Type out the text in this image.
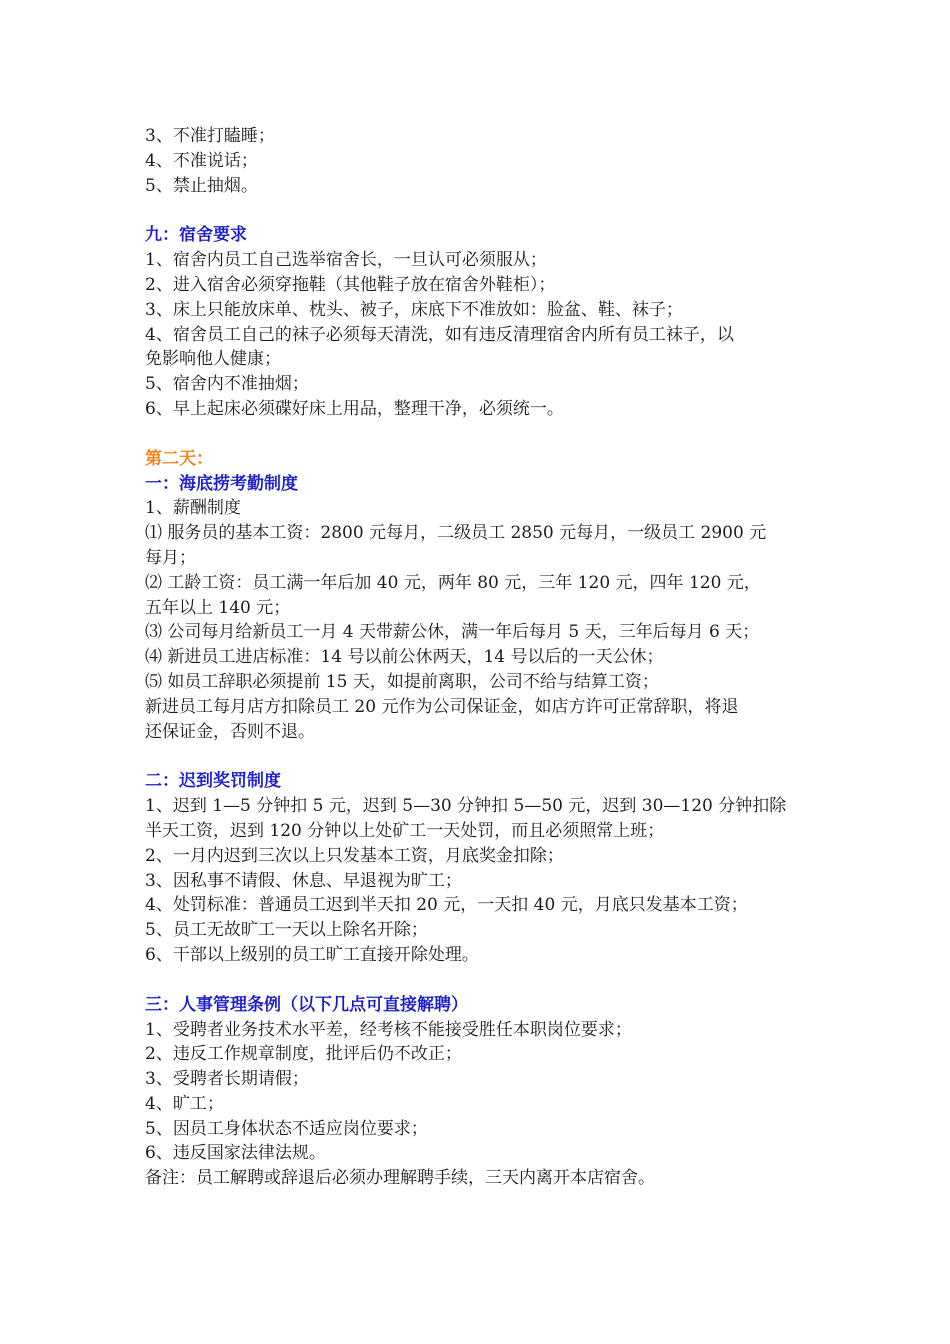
3、不准打瞌睡；
4、不准说话；
5、禁止抽烟。
九：宿舍要求
1、宿舍内员工自己选举宿舍长，一旦认可必须服从；
2、进入宿舍必须穿拖鞋（其他鞋子放在宿舍外鞋柜）；
3、床上只能放床单、枕头、被子，床底下不准放如：脸盆、鞋、袜子；
4、宿舍员工自己的袜子必须每天清洗，如有违反清理宿舍内所有员工袜子，以
免影响他人健康；
5、宿舍内不准抽烟；
6、早上起床必须碟好床上用品，整理干净，必须统一。
第二天：
一：海底捞考勤制度
1、薪酬制度
⑴ 服务员的基本工资：2800 元每月，二级员工 2850 元每月，一级员工 2900 元
每月；
⑵ 工龄工资：员工满一年后加 40 元，两年 80 元，三年 120 元，四年 120 元，
五年以上 140 元；
⑶ 公司每月给新员工一月 4 天带薪公休，满一年后每月 5 天，三年后每月 6 天；
⑷ 新进员工进店标准：14 号以前公休两天，14 号以后的一天公休；
⑸ 如员工辞职必须提前 15 天，如提前离职，公司不给与结算工资；
新进员工每月店方扣除员工 20 元作为公司保证金，如店方许可正常辞职，将退
还保证金，否则不退。
二：迟到奖罚制度
1、迟到 1—5 分钟扣 5 元，迟到 5—30 分钟扣 5—50 元，迟到 30—120 分钟扣除
半天工资，迟到 120 分钟以上处矿工一天处罚，而且必须照常上班；
2、一月内迟到三次以上只发基本工资，月底奖金扣除；
3、因私事不请假、休息、早退视为旷工；
4、处罚标准：普通员工迟到半天扣 20 元，一天扣 40 元，月底只发基本工资；
5、员工无故旷工一天以上除名开除；
6、干部以上级别的员工旷工直接开除处理。
三：人事管理条例（以下几点可直接解聘）
1、受聘者业务技术水平差，经考核不能接受胜任本职岗位要求；
2、违反工作规章制度，批评后仍不改正；
3、受聘者长期请假；
4、旷工；
5、因员工身体状态不适应岗位要求；
6、违反国家法律法规。
备注：员工解聘或辞退后必须办理解聘手续，三天内离开本店宿舍。
